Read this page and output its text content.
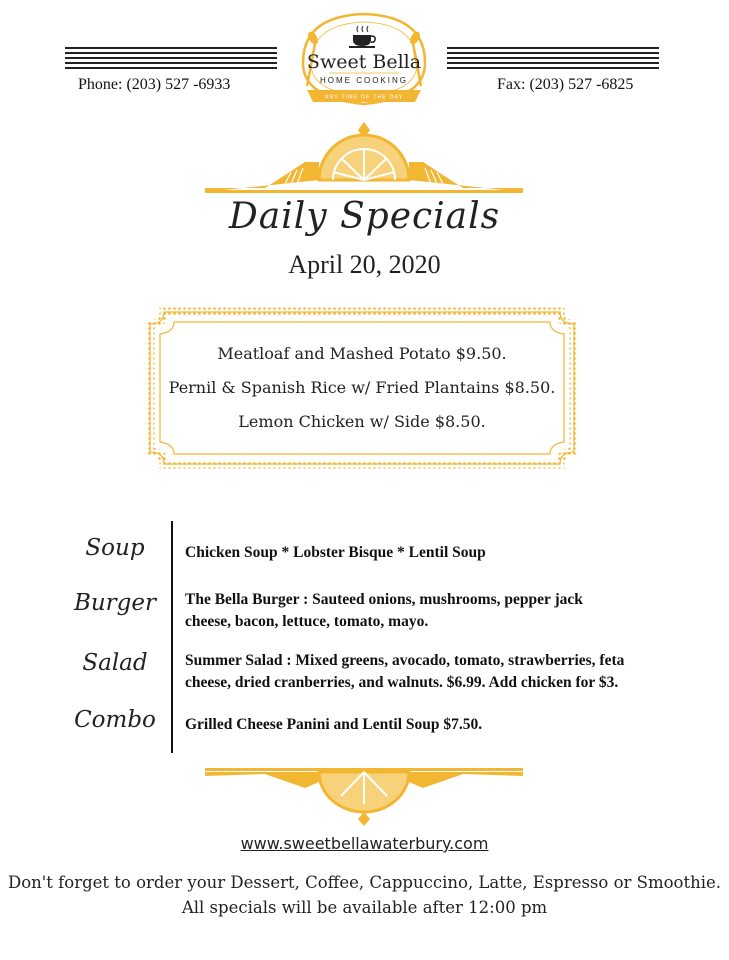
Phone: (203) 527 -6933	Fax: (203) 527 -6825
Sweet Bella
HOME COOKING
ANY TIME OF THE DAY
Daily Specials
April 20, 2020
Meatloaf and Mashed Potato $9.50.
Pernil & Spanish Rice w/ Fried Plantains $8.50.
Lemon Chicken w/ Side $8.50.
Soup
Burger
Salad
Combo
Chicken Soup * Lobster Bisque * Lentil Soup
The Bella Burger : Sauteed onions, mushrooms, pepper jack
cheese, bacon, lettuce, tomato, mayo.
Summer Salad : Mixed greens, avocado, tomato, strawberries, feta
cheese, dried cranberries, and walnuts. $6.99. Add chicken for $3.
Grilled Cheese Panini and Lentil Soup $7.50.
www.sweetbellawaterbury.com
Don't forget to order your Dessert, Coffee, Cappuccino, Latte, Espresso or Smoothie.
All specials will be available after 12:00 pm
